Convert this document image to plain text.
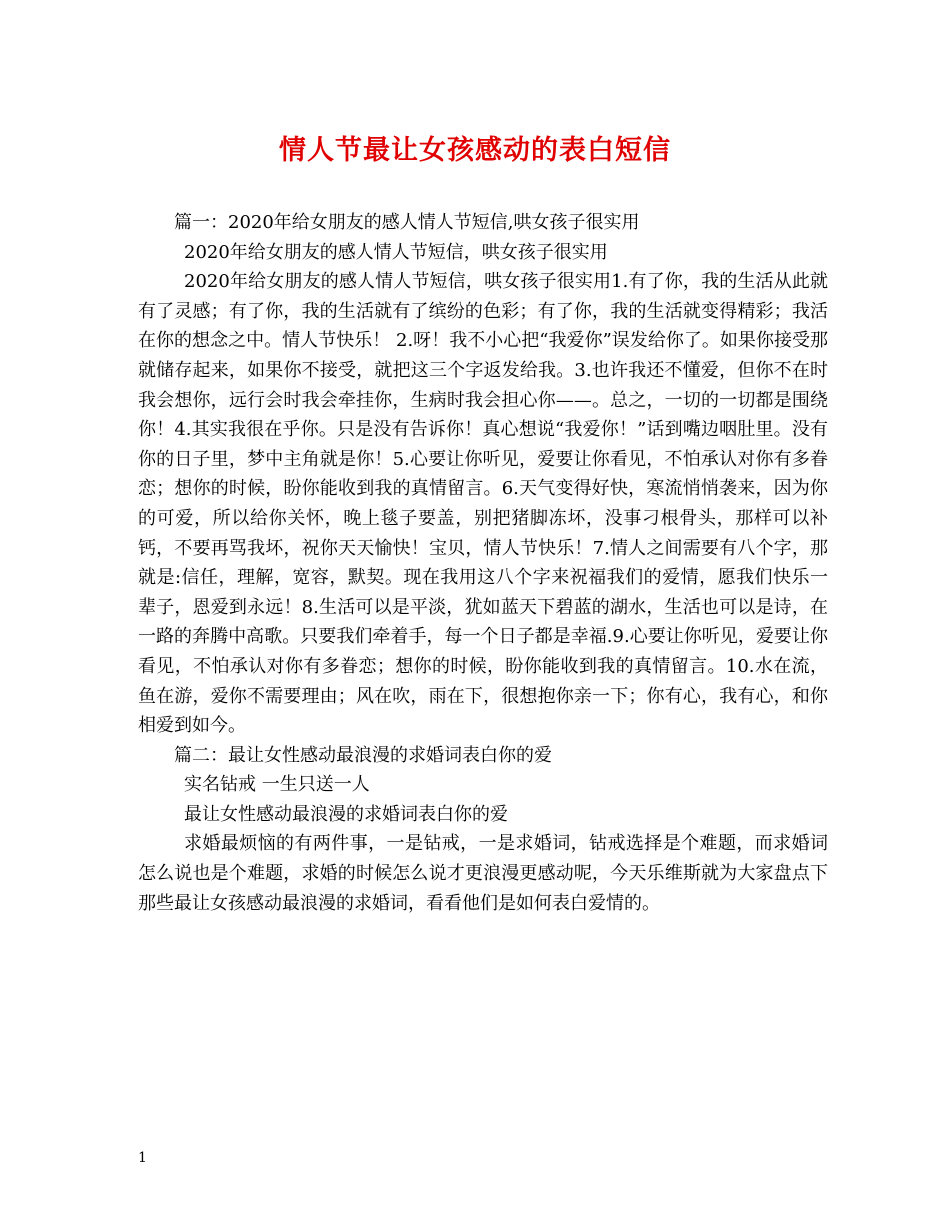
情人节最让女孩感动的表白短信

篇一：2020年给女朋友的感人情人节短信,哄女孩子很实用

2020年给女朋友的感人情人节短信，哄女孩子很实用

2020年给女朋友的感人情人节短信，哄女孩子很实用1.有了你，我的生活从此就有了灵感；有了你，我的生活就有了缤纷的色彩；有了你，我的生活就变得精彩；我活在你的想念之中。情人节快乐！ 2.呀！我不小心把“我爱你”误发给你了。如果你接受那就储存起来，如果你不接受，就把这三个字返发给我。3.也许我还不懂爱，但你不在时我会想你，远行会时我会牵挂你，生病时我会担心你——。总之，一切的一切都是围绕你！4.其实我很在乎你。只是没有告诉你！真心想说“我爱你！”话到嘴边咽肚里。没有你的日子里，梦中主角就是你！5.心要让你听见，爱要让你看见，不怕承认对你有多眷恋；想你的时候，盼你能收到我的真情留言。6.天气变得好快，寒流悄悄袭来，因为你的可爱，所以给你关怀，晚上毯子要盖，别把猪脚冻坏，没事刁根骨头，那样可以补钙，不要再骂我坏，祝你天天愉快！宝贝，情人节快乐！7.情人之间需要有八个字，那就是:信任，理解，宽容，默契。现在我用这八个字来祝福我们的爱情，愿我们快乐一辈子，恩爱到永远！8.生活可以是平淡，犹如蓝天下碧蓝的湖水，生活也可以是诗，在一路的奔腾中高歌。只要我们牵着手，每一个日子都是幸福.9.心要让你听见，爱要让你看见，不怕承认对你有多眷恋；想你的时候，盼你能收到我的真情留言。10.水在流，鱼在游，爱你不需要理由；风在吹，雨在下，很想抱你亲一下；你有心，我有心，和你相爱到如今。

篇二：最让女性感动最浪漫的求婚词表白你的爱

实名钻戒 一生只送一人

最让女性感动最浪漫的求婚词表白你的爱

求婚最烦恼的有两件事，一是钻戒，一是求婚词，钻戒选择是个难题，而求婚词怎么说也是个难题，求婚的时候怎么说才更浪漫更感动呢，今天乐维斯就为大家盘点下那些最让女孩感动最浪漫的求婚词，看看他们是如何表白爱情的。

1
